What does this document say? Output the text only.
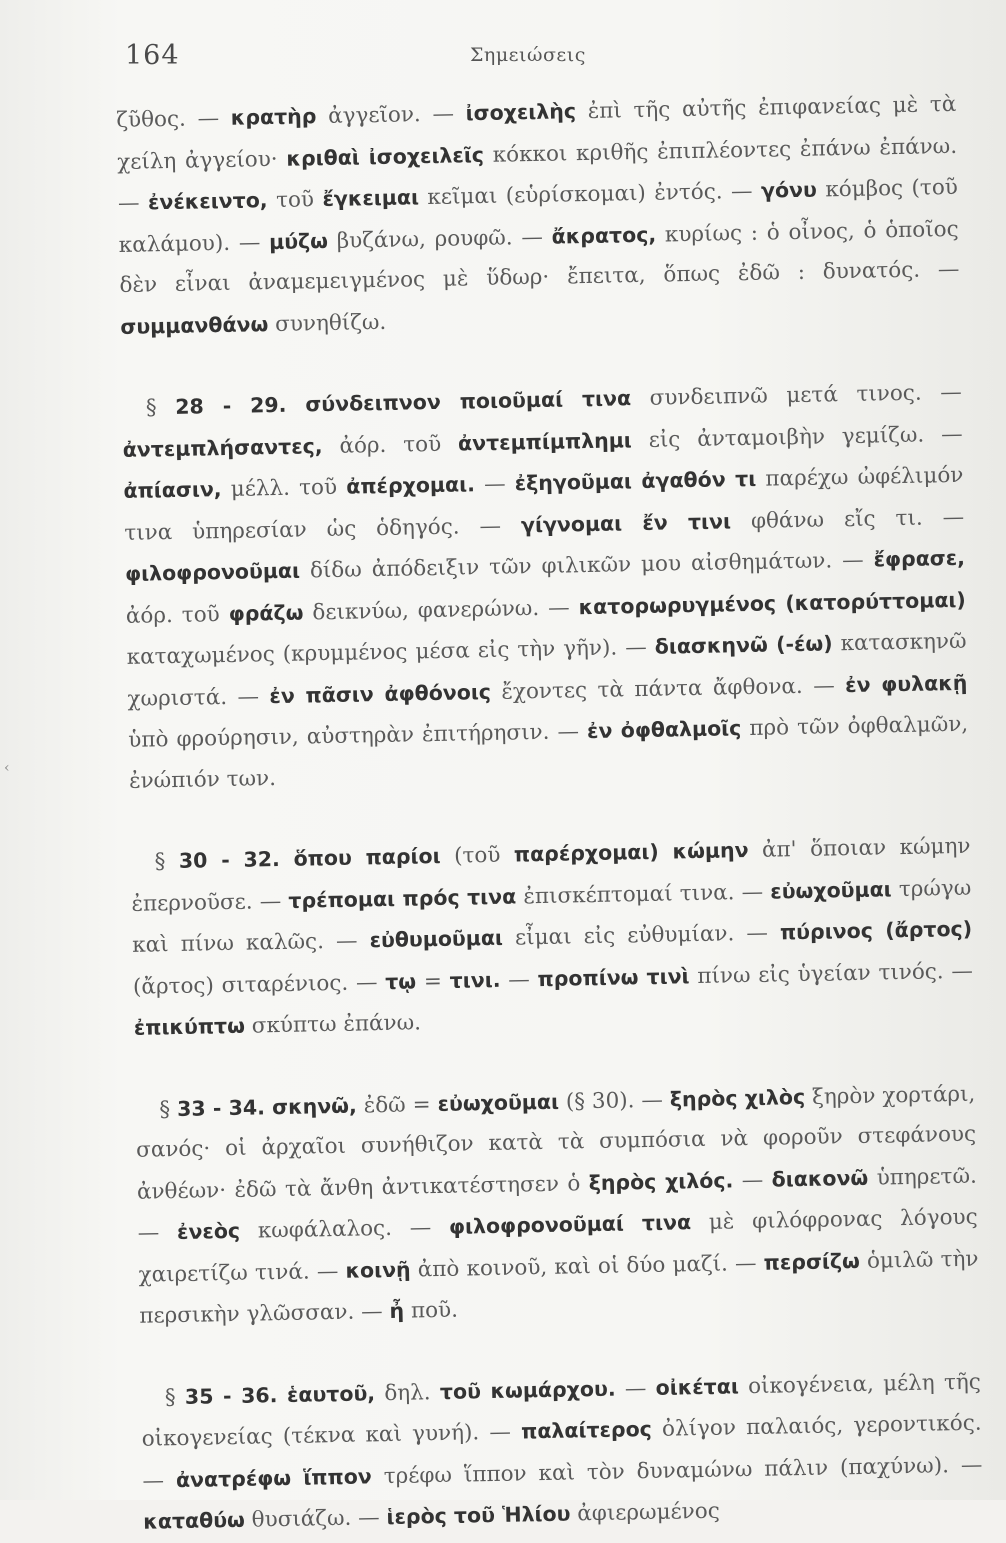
164	Σημειώσεις
‹

ζῦθος. — κρατὴρ ἀγγεῖον. — ἰσοχειλὴς ἐπὶ τῆς αὐτῆς ἐπιφανείας μὲ τὰ χείλη ἀγγείου· κριθαὶ ἰσοχειλεῖς κόκκοι κριθῆς ἐπιπλέοντες ἐπάνω ἐπάνω. — ἐνέκειντο, τοῦ ἔγκειμαι κεῖμαι (εὑρίσκομαι) ἐντός. — γόνυ κόμβος (τοῦ καλάμου). — μύζω βυζάνω, ρουφῶ. — ἄκρατος, κυρίως : ὁ οἶνος, ὁ ὁποῖος δὲν εἶναι ἀναμεμειγμένος μὲ ὕδωρ· ἔπειτα, ὅπως ἐδῶ : δυνατός. — συμμανθάνω συνηθίζω.

§ 28 - 29. σύνδειπνον ποιοῦμαί τινα συνδειπνῶ μετά τινος. — ἀντεμπλήσαντες, ἀόρ. τοῦ ἀντεμπίμπλημι εἰς ἀνταμοιβὴν γεμίζω. — ἀπίασιν, μέλλ. τοῦ ἀπέρχομαι. — ἐξηγοῦμαι ἀγαθόν τι παρέχω ὠφέλιμόν τινα ὑπηρεσίαν ὡς ὁδηγός. — γίγνομαι ἔν τινι φθάνω εἴς τι. — φιλοφρονοῦμαι δίδω ἀπόδειξιν τῶν φιλικῶν μου αἰσθημάτων. — ἔφρασε, ἀόρ. τοῦ φράζω δεικνύω, φανερώνω. — κατορωρυγμένος (κατορύττομαι) καταχωμένος (κρυμμένος μέσα εἰς τὴν γῆν). — διασκηνῶ (-έω) κατασκηνῶ χωριστά. — ἐν πᾶσιν ἀφθόνοις ἔχοντες τὰ πάντα ἄφθονα. — ἐν φυλακῇ ὑπὸ φρούρησιν, αὐστηρὰν ἐπιτήρησιν. — ἐν ὀφθαλμοῖς πρὸ τῶν ὀφθαλμῶν, ἐνώπιόν των.

§ 30 - 32. ὅπου παρίοι (τοῦ παρέρχομαι) κώμην ἀπ' ὅποιαν κώμην ἐπερνοῦσε. — τρέπομαι πρός τινα ἐπισκέπτομαί τινα. — εὐωχοῦμαι τρώγω καὶ πίνω καλῶς. — εὐθυμοῦμαι εἶμαι εἰς εὐθυμίαν. — πύρινος (ἄρτος) (ἄρτος) σιταρένιος. — τῳ = τινι. — προπίνω τινὶ πίνω εἰς ὑγείαν τινός. — ἐπικύπτω σκύπτω ἐπάνω.

§ 33 - 34. σκηνῶ, ἐδῶ = εὐωχοῦμαι (§ 30). — ξηρὸς χιλὸς ξηρὸν χορτάρι, σανός· οἱ ἀρχαῖοι συνήθιζον κατὰ τὰ συμπόσια νὰ φοροῦν στεφάνους ἀνθέων· ἐδῶ τὰ ἄνθη ἀντικατέστησεν ὁ ξηρὸς χιλός. — διακονῶ ὑπηρετῶ. — ἐνεὸς κωφάλαλος. — φιλοφρονοῦμαί τινα μὲ φιλόφρονας λόγους χαιρετίζω τινά. — κοινῇ ἀπὸ κοινοῦ, καὶ οἱ δύο μαζί. — περσίζω ὁμιλῶ τὴν περσικὴν γλῶσσαν. — ἦ ποῦ.

§ 35 - 36. ἑαυτοῦ, δηλ. τοῦ κωμάρχου. — οἰκέται οἰκογένεια, μέλη τῆς οἰκογενείας (τέκνα καὶ γυνή). — παλαίτερος ὀλίγον παλαιός, γεροντικός. — ἀνατρέφω ἵππον τρέφω ἵππον καὶ τὸν δυναμώνω πάλιν (παχύνω). — καταθύω θυσιάζω. — ἱερὸς τοῦ Ἡλίου ἀφιερωμένος
